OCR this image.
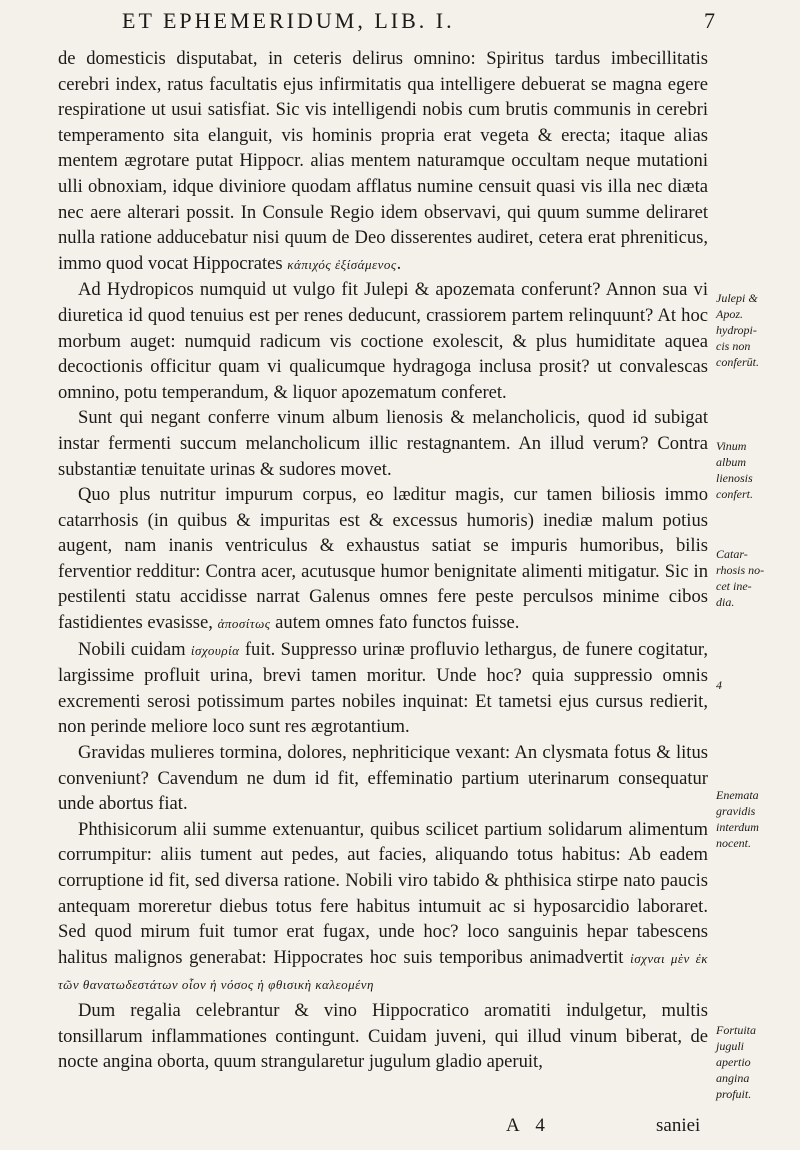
ET EPHEMERIDUM, LIB. I.	7

de domesticis disputabat, in ceteris delirus omnino: Spiritus tardus imbecillitatis cerebri index, ratus facultatis ejus infirmitatis qua intelligere debuerat se magna egere respiratione ut usui satisfiat. Sic vis intelligendi nobis cum brutis communis in cerebri temperamento sita elanguit, vis hominis propria erat vegeta & erecta; itaque alias mentem ægrotare putat Hippocr. alias mentem naturamque occultam neque mutationi ulli obnoxiam, idque diviniore quodam afflatus numine censuit quasi vis illa nec diæta nec aere alterari possit. In Consule Regio idem observavi, qui quum summe deliraret nulla ratione adducebatur nisi quum de Deo disserentes audiret, cetera erat phreniticus, immo quod vocat Hippocrates κάπιχός ἐξίσάμενος.

Ad Hydropicos numquid ut vulgo fit Julepi & apozemata conferunt? Annon sua vi diuretica id quod tenuius est per renes deducunt, crassiorem partem relinquunt? At hoc morbum auget: numquid radicum vis coctione exolescit, & plus humiditate aquea decoctionis officitur quam vi qualicumque hydragoga inclusa prosit? ut convalescas omnino, potu temperandum, & liquor apozematum conferet.

Sunt qui negant conferre vinum album lienosis & melancholicis, quod id subigat instar fermenti succum melancholicum illic restagnantem. An illud verum? Contra substantiæ tenuitate urinas & sudores movet.

Quo plus nutritur impurum corpus, eo læditur magis, cur tamen biliosis immo catarrhosis (in quibus & impuritas est & excessus humoris) inediæ malum potius augent, nam inanis ventriculus & exhaustus satiat se impuris humoribus, bilis ferventior redditur: Contra acer, acutusque humor benignitate alimenti mitigatur. Sic in pestilenti statu accidisse narrat Galenus omnes fere peste perculsos minime cibos fastidientes evasisse, ἀποσίτως autem omnes fato functos fuisse.

Nobili cuidam ἰσχουρία fuit. Suppresso urinæ profluvio lethargus, de funere cogitatur, largissime profluit urina, brevi tamen moritur. Unde hoc? quia suppressio omnis excrementi serosi potissimum partes nobiles inquinat: Et tametsi ejus cursus redierit, non perinde meliore loco sunt res ægrotantium.

Gravidas mulieres tormina, dolores, nephriticique vexant: An clysmata fotus & litus conveniunt? Cavendum ne dum id fit, effeminatio partium uterinarum consequatur unde abortus fiat.

Phthisicorum alii summe extenuantur, quibus scilicet partium solidarum alimentum corrumpitur: aliis tument aut pedes, aut facies, aliquando totus habitus: Ab eadem corruptione id fit, sed diversa ratione. Nobili viro tabido & phthisica stirpe nato paucis antequam moreretur diebus totus fere habitus intumuit ac si hyposarcidio laboraret. Sed quod mirum fuit tumor erat fugax, unde hoc? loco sanguinis hepar tabescens halitus malignos generabat: Hippocrates hoc suis temporibus animadvertit ἰσχναι μὲν ἐκ τῶν θανατωδεστάτων οἷον ἡ νόσος ἡ φθισικὴ καλεομένη

Dum regalia celebrantur & vino Hippocratico aromatiti indulgetur, multis tonsillarum inflammationes contingunt. Cuidam juveni, qui illud vinum biberat, de nocte angina oborta, quum strangularetur jugulum gladio aperuit,

Julepi &
Apoz.
hydropi-
cis non
conferūt.
Vinum
album
lienosis
confert.
Catar-
rhosis no-
cet ine-
dia.
4
Enemata
gravidis
interdum
nocent.
Fortuita
juguli
apertio
angina
profuit.
A 4	saniei
